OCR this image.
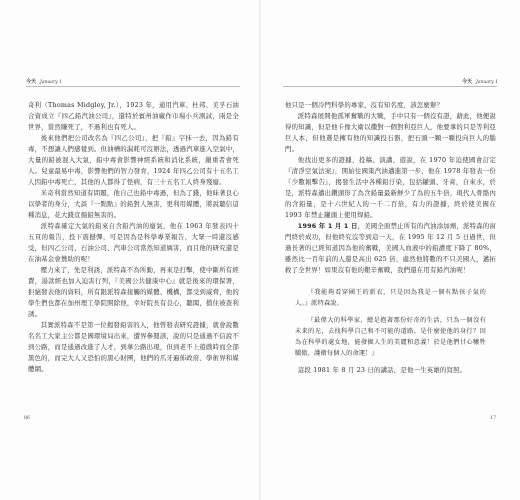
今天 January 1

奇利（Thomas Midgley, Jr.），1923 年，通用汽車、杜邦、美孚石油合資成立『四乙鉛汽油公司』，還特於賓州油廠作市場小兵測試，兩是全世界，當然賺死了，不過利也有死人。

後來他們把公司改名為『四乙公司』，把『鉛』字抹一去，因為鉛有毒，不想讓人們感覺到。但油槽的漏耗可沒辦法，透過汽車進入空氣中，大量的鉛被混入大氣，鉛中毒會影響神經系統和消化系統，嚴重者會死人。兒童最易中毒，影響他們的智力發育，1924 年四乙公司有十五名工人因鉛中毒死亡，其他的人都得了怪病，有三十五名工人終身殘廢。

米奇利當然知道有問題，他自己也鉛中毒過，但為了錢，他昧著良心以學者的身分，大談『一點點』的鉛對人無害，更利用媒體，將說聽信這種消息，花大錢宣揚鉛無害的。

派特森確定大氣的鉛來自含鉛汽油的廢氣，他在 1963 年發表四十五頁的報告，投下震撼彈，可是因為是科學專業報告，大眾一時還沒感受，但四乙公司、石油公司、汽車公司當然知道厲害，而且他的研究還是在油基金會贊助的呢！

壓力來了，先是利誘，派特森不為所動，再來是打擊，使中斷所有經費，湯款經也加入迫害行列，『美國公共健康中心』就是後來的環保署，拒絕發表他的資料，所有跟派特森接觸的媒體、機構，都受到威脅，他的學生們也都在加州理工學院開除他，幸好院長有良心，聽聞，擋住被查利誘。

其實派特森不是第一位揭發鉛害的人，他曾發表研究證據，就會說數名名工大家主公都是國環境局出來，遭界參閱該，說的只是通過不信說不到公路，而是通過改進了人才，到拿公路出現，但到老不上遊戲時而全部黑色的，而完大人又恐怕的黑心財團，他們的爪牙遍佈政府、學術界和媒體網。

86
今天 January 1

他只是一個冷門科學的專家，沒有知名度，該怎麼辦？

派特森展開他孤軍奮戰的大戰，手中只有一個沒有證，藉此，他便說得的知識，但是他卡像大衛以撒對一個對利亞巨人，他要拿的只是等利亞巨人本，但他選是擁有他的知識投石器，把石頭一顆一顆投向巨人的腦門。

他找出更多的證據，投稿、演講，遊說，在 1970 年迫使國會訂定『清淨空氣法案』，開始往國策汽油邁進第一步，他在 1978 年發表一份『少數報擊告』，揭發生活中各種鉛汙染，包括罐頭、牙膏，自來水，於是，派特森邁出鑽頭形了為含鉛量最新鮮少了為的五牛倍，現代人骨骼內的含鉛量，是十六世紀人的一千二百倍，有力的證據，終於使美國在 1993 年禁止罐頭上使用焊鉛。

1996 年 1 月 1 日，美國全面禁止所有的汽油添加劑，派特森的窗門終於成功，但他終究沒等到這一天，在 1995 年 12 月 5 日過世，但過長著的已經知道因為他的奮戰，美國人血液中的鉛濃度下降了 80%，雖然比一百年前的人還是高出 625 倍，處然他將數的不只美國人，邁拓救了全世界！如果沒有他的艱辛奮戰，我們還在用有鉛汽油呢！

『我能夠看穿國王的新衣，只是因為我是一個有點孩子氣的人。』派特森說。

『最偉大的科學家，總是抱著那份好奇的生活，只為一個沒有未来的光，去找科學自己和不可能的道路。是什麼使他的身行？因為在科學的處女地，能發掘人生的美麗和意義！於是他們甘心犧牲驕傲，護衛每個人的命運！』

這段 1981 年 8 月 23 日的講話，是他一生英雄的寫照。

17
